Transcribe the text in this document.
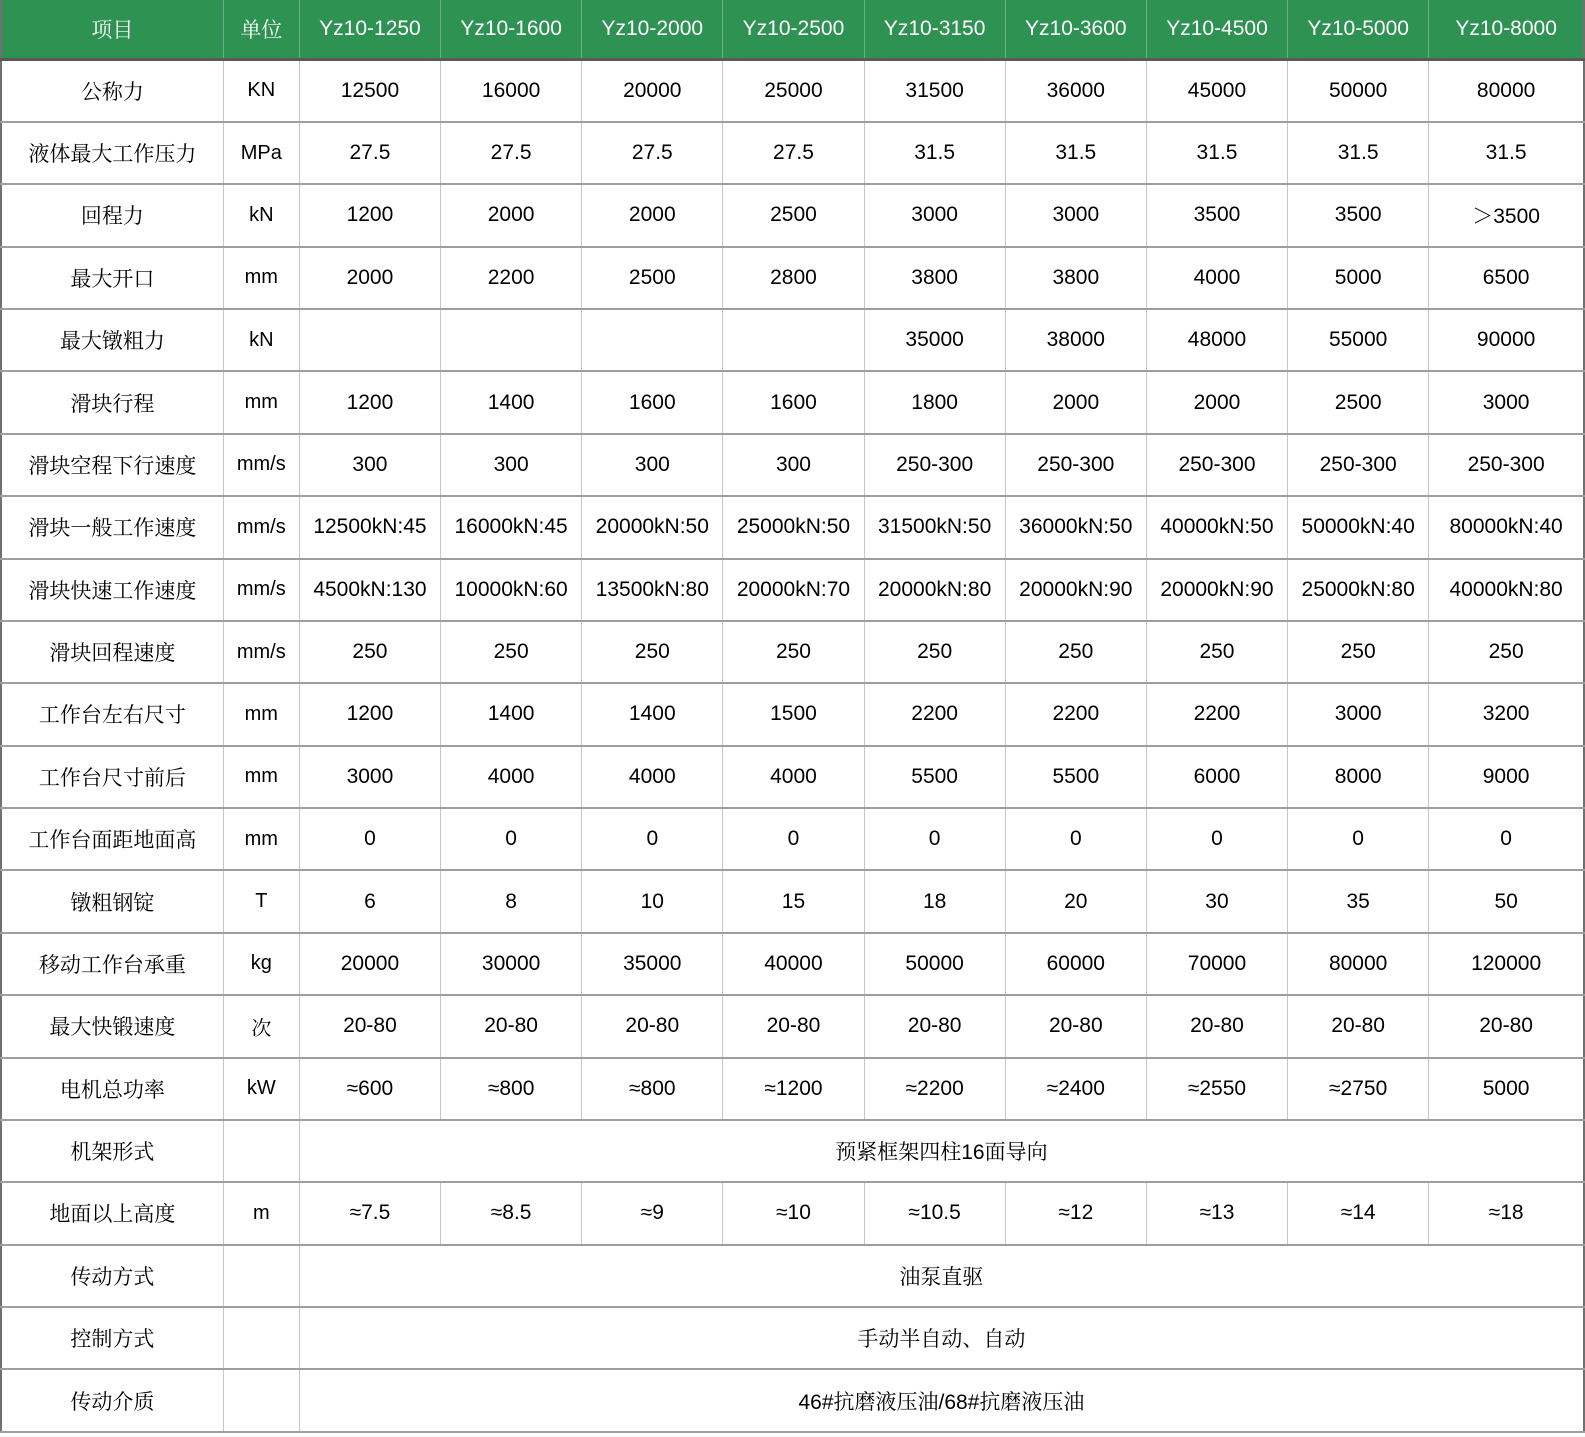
项目	单位	Yz10-1250	Yz10-1600	Yz10-2000	Yz10-2500	Yz10-3150	Yz10-3600	Yz10-4500	Yz10-5000	Yz10-8000
公称力	KN	12500	16000	20000	25000	31500	36000	45000	50000	80000
液体最大工作压力	MPa	27.5	27.5	27.5	27.5	31.5	31.5	31.5	31.5	31.5
回程力	kN	1200	2000	2000	2500	3000	3000	3500	3500	＞3500
最大开口	mm	2000	2200	2500	2800	3800	3800	4000	5000	6500
最大镦粗力	kN					35000	38000	48000	55000	90000
滑块行程	mm	1200	1400	1600	1600	1800	2000	2000	2500	3000
滑块空程下行速度	mm/s	300	300	300	300	250-300	250-300	250-300	250-300	250-300
滑块一般工作速度	mm/s	12500kN:45	16000kN:45	20000kN:50	25000kN:50	31500kN:50	36000kN:50	40000kN:50	50000kN:40	80000kN:40
滑块快速工作速度	mm/s	4500kN:130	10000kN:60	13500kN:80	20000kN:70	20000kN:80	20000kN:90	20000kN:90	25000kN:80	40000kN:80
滑块回程速度	mm/s	250	250	250	250	250	250	250	250	250
工作台左右尺寸	mm	1200	1400	1400	1500	2200	2200	2200	3000	3200
工作台尺寸前后	mm	3000	4000	4000	4000	5500	5500	6000	8000	9000
工作台面距地面高	mm	0	0	0	0	0	0	0	0	0
镦粗钢锭	T	6	8	10	15	18	20	30	35	50
移动工作台承重	kg	20000	30000	35000	40000	50000	60000	70000	80000	120000
最大快锻速度	次	20-80	20-80	20-80	20-80	20-80	20-80	20-80	20-80	20-80
电机总功率	kW	≈600	≈800	≈800	≈1200	≈2200	≈2400	≈2550	≈2750	5000
机架形式		预紧框架四柱16面导向								
地面以上高度	m	≈7.5	≈8.5	≈9	≈10	≈10.5	≈12	≈13	≈14	≈18
传动方式		油泵直驱								
控制方式		手动半自动、自动								
传动介质		46#抗磨液压油/68#抗磨液压油								
